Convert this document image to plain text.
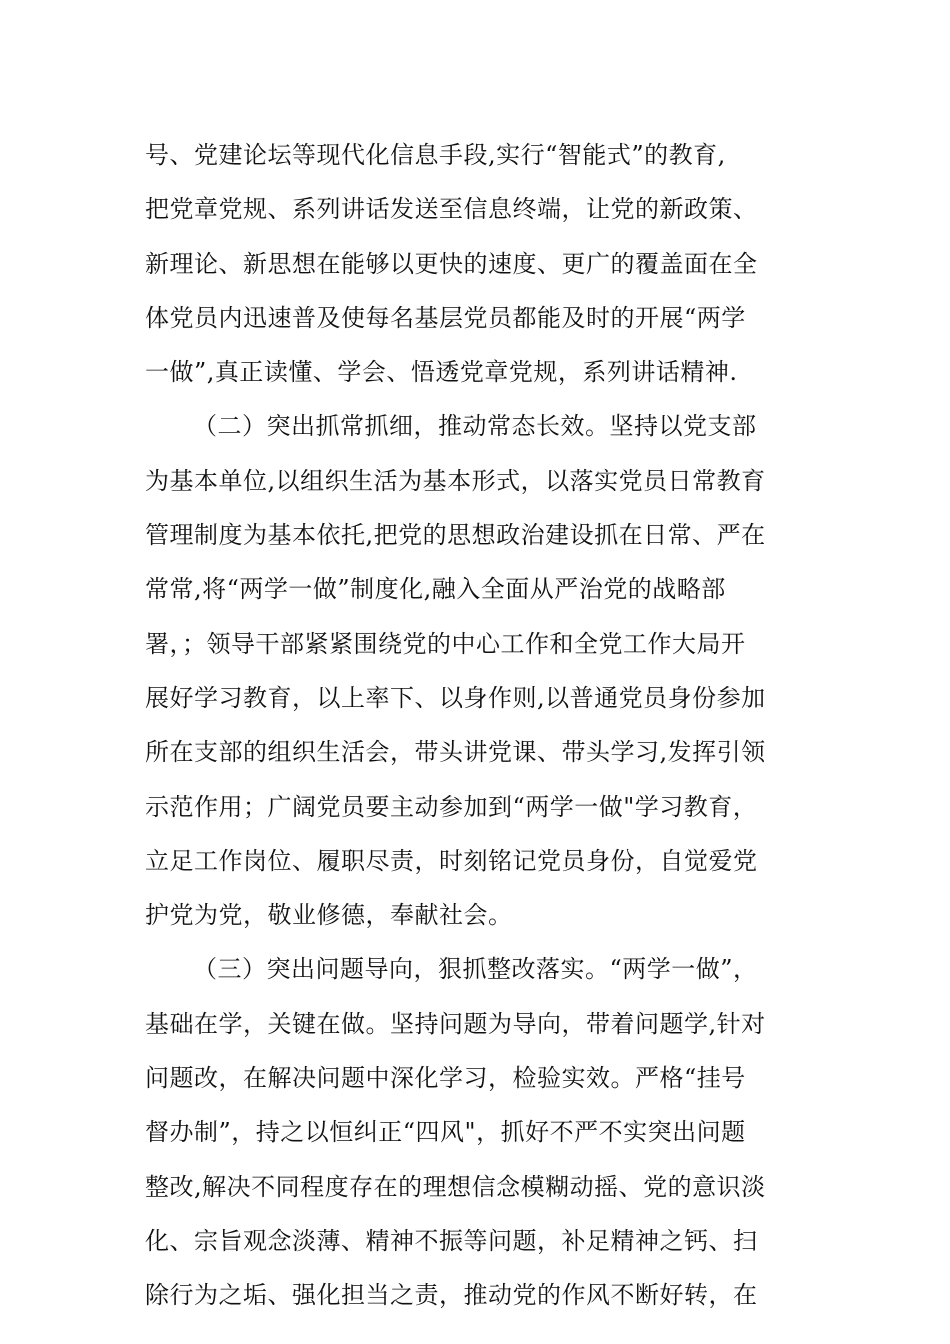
号、党建论坛等现代化信息手段,实行“智能式”的教育,
把党章党规、系列讲话发送至信息终端，让党的新政策、
新理论、新思想在能够以更快的速度、更广的覆盖面在全
体党员内迅速普及使每名基层党员都能及时的开展“两学
一做”,真正读懂、学会、悟透党章党规，系列讲话精神.
（二）突出抓常抓细，推动常态长效。坚持以党支部
为基本单位,以组织生活为基本形式，以落实党员日常教育
管理制度为基本依托,把党的思想政治建设抓在日常、严在
常常,将“两学一做”制度化,融入全面从严治党的战略部
署，；领导干部紧紧围绕党的中心工作和全党工作大局开
展好学习教育，以上率下、以身作则,以普通党员身份参加
所在支部的组织生活会，带头讲党课、带头学习,发挥引领
示范作用；广阔党员要主动参加到“两学一做"学习教育，
立足工作岗位、履职尽责，时刻铭记党员身份，自觉爱党
护党为党，敬业修德，奉献社会。
（三）突出问题导向，狠抓整改落实。“两学一做”，
基础在学，关键在做。坚持问题为导向，带着问题学,针对
问题改，在解决问题中深化学习，检验实效。严格“挂号
督办制”，持之以恒纠正“四风"，抓好不严不实突出问题
整改,解决不同程度存在的理想信念模糊动摇、党的意识淡
化、宗旨观念淡薄、精神不振等问题，补足精神之钙、扫
除行为之垢、强化担当之责，推动党的作风不断好转，在
